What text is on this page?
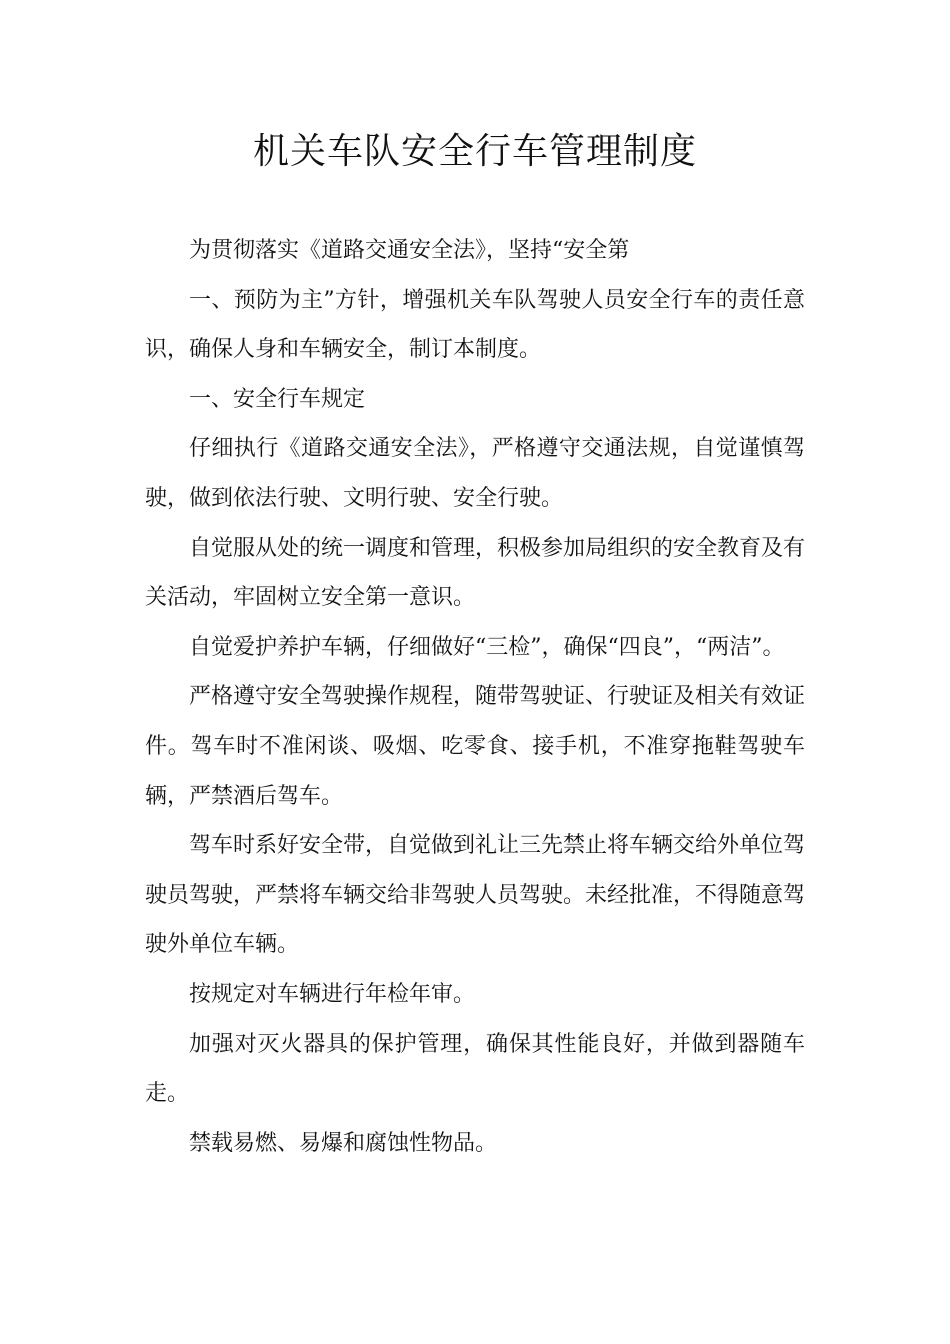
机关车队安全行车管理制度

为贯彻落实《道路交通安全法》，坚持“安全第

一、预防为主”方针，增强机关车队驾驶人员安全行车的责任意识，确保人身和车辆安全，制订本制度。

一、安全行车规定

仔细执行《道路交通安全法》，严格遵守交通法规，自觉谨慎驾驶，做到依法行驶、文明行驶、安全行驶。

自觉服从处的统一调度和管理，积极参加局组织的安全教育及有关活动，牢固树立安全第一意识。

自觉爱护养护车辆，仔细做好“三检”，确保“四良”，“两洁”。

严格遵守安全驾驶操作规程，随带驾驶证、行驶证及相关有效证件。驾车时不准闲谈、吸烟、吃零食、接手机，不准穿拖鞋驾驶车辆，严禁酒后驾车。

驾车时系好安全带，自觉做到礼让三先禁止将车辆交给外单位驾驶员驾驶，严禁将车辆交给非驾驶人员驾驶。未经批准，不得随意驾驶外单位车辆。

按规定对车辆进行年检年审。

加强对灭火器具的保护管理，确保其性能良好，并做到器随车走。

禁载易燃、易爆和腐蚀性物品。
